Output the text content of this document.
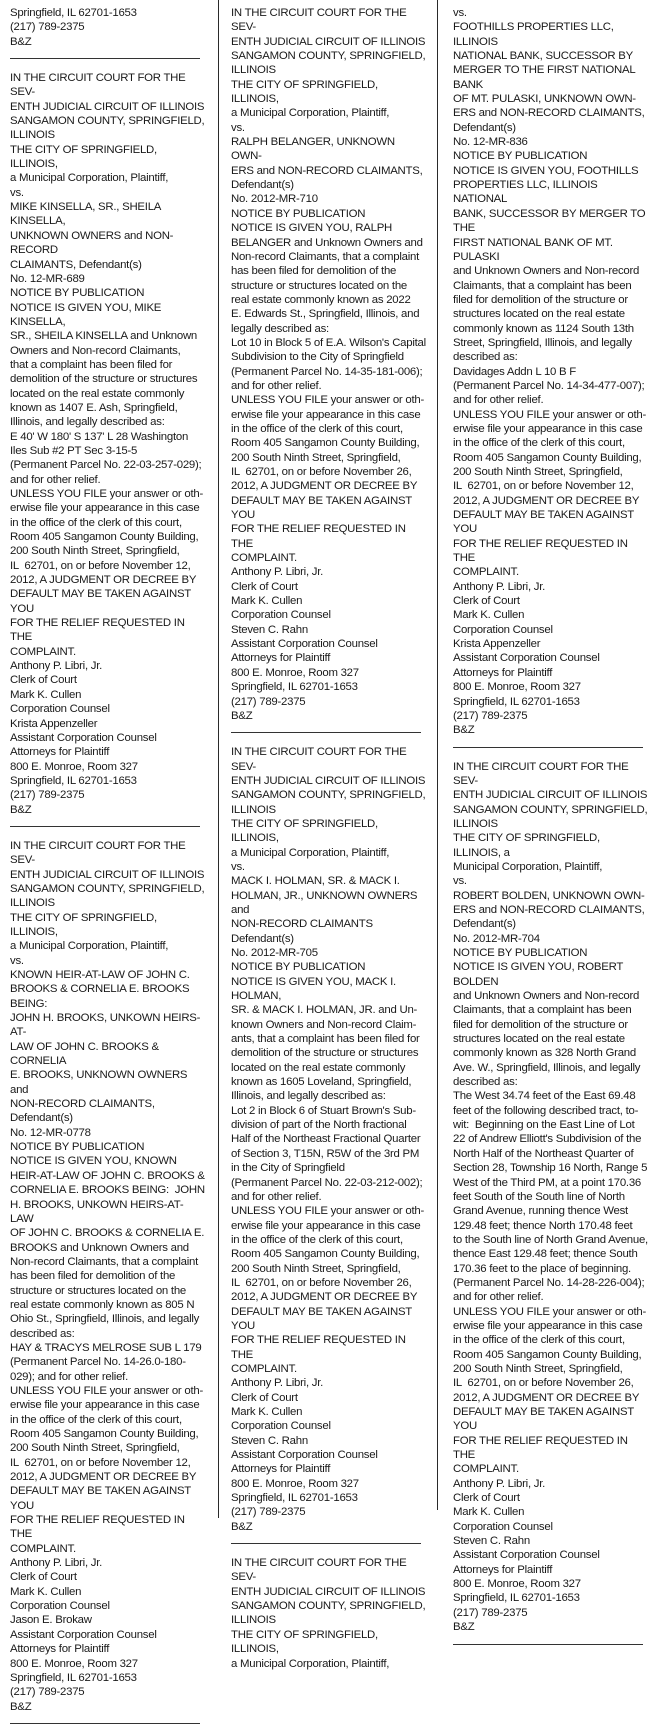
Springfield, IL 62701-1653
(217) 789-2375
B&Z
IN THE CIRCUIT COURT FOR THE SEV-
ENTH JUDICIAL CIRCUIT OF ILLINOIS
SANGAMON COUNTY, SPRINGFIELD,
ILLINOIS
THE CITY OF SPRINGFIELD, ILLINOIS,
a Municipal Corporation, Plaintiff,
vs.
MIKE KINSELLA, SR., SHEILA KINSELLA,
UNKNOWN OWNERS and NON-RECORD
CLAIMANTS, Defendant(s)
No. 12-MR-689
NOTICE BY PUBLICATION
NOTICE IS GIVEN YOU, MIKE KINSELLA,
SR., SHEILA KINSELLA and Unknown
Owners and Non-record Claimants,
that a complaint has been filed for
demolition of the structure or structures
located on the real estate commonly
known as 1407 E. Ash, Springfield,
Illinois, and legally described as:
E 40' W 180' S 137' L 28 Washington
Iles Sub #2 PT Sec 3-15-5
(Permanent Parcel No. 22-03-257-029);
and for other relief.
UNLESS YOU FILE your answer or oth-
erwise file your appearance in this case
in the office of the clerk of this court,
Room 405 Sangamon County Building,
200 South Ninth Street, Springfield,
IL  62701, on or before November 12,
2012, A JUDGMENT OR DECREE BY
DEFAULT MAY BE TAKEN AGAINST YOU
FOR THE RELIEF REQUESTED IN THE
COMPLAINT.
Anthony P. Libri, Jr.
Clerk of Court
Mark K. Cullen
Corporation Counsel
Krista Appenzeller
Assistant Corporation Counsel
Attorneys for Plaintiff
800 E. Monroe, Room 327
Springfield, IL 62701-1653
(217) 789-2375
B&Z
IN THE CIRCUIT COURT FOR THE SEV-
ENTH JUDICIAL CIRCUIT OF ILLINOIS
SANGAMON COUNTY, SPRINGFIELD,
ILLINOIS
THE CITY OF SPRINGFIELD, ILLINOIS,
a Municipal Corporation, Plaintiff,
vs.
KNOWN HEIR-AT-LAW OF JOHN C.
BROOKS & CORNELIA E. BROOKS BEING:
JOHN H. BROOKS, UNKOWN HEIRS-AT-
LAW OF JOHN C. BROOKS & CORNELIA
E. BROOKS, UNKNOWN OWNERS and
NON-RECORD CLAIMANTS, Defendant(s)
No. 12-MR-0778
NOTICE BY PUBLICATION
NOTICE IS GIVEN YOU, KNOWN
HEIR-AT-LAW OF JOHN C. BROOKS &
CORNELIA E. BROOKS BEING:  JOHN
H. BROOKS, UNKOWN HEIRS-AT-LAW
OF JOHN C. BROOKS & CORNELIA E.
BROOKS and Unknown Owners and
Non-record Claimants, that a complaint
has been filed for demolition of the
structure or structures located on the
real estate commonly known as 805 N
Ohio St., Springfield, Illinois, and legally
described as:
HAY & TRACYS MELROSE SUB L 179
(Permanent Parcel No. 14-26.0-180-
029); and for other relief.
UNLESS YOU FILE your answer or oth-
erwise file your appearance in this case
in the office of the clerk of this court,
Room 405 Sangamon County Building,
200 South Ninth Street, Springfield,
IL  62701, on or before November 12,
2012, A JUDGMENT OR DECREE BY
DEFAULT MAY BE TAKEN AGAINST YOU
FOR THE RELIEF REQUESTED IN THE
COMPLAINT.
Anthony P. Libri, Jr.
Clerk of Court
Mark K. Cullen
Corporation Counsel
Jason E. Brokaw
Assistant Corporation Counsel
Attorneys for Plaintiff
800 E. Monroe, Room 327
Springfield, IL 62701-1653
(217) 789-2375
B&Z
IN THE CIRCUIT COURT FOR THE SEV-
ENTH JUDICIAL CIRCUIT OF ILLINOIS
SANGAMON COUNTY, SPRINGFIELD,
ILLINOIS
THE CITY OF SPRINGFIELD, ILLINOIS,
a Municipal Corporation, Plaintiff,
vs.
RALPH BELANGER, UNKNOWN OWN-
ERS and NON-RECORD CLAIMANTS,
Defendant(s)
No. 2012-MR-710
NOTICE BY PUBLICATION
NOTICE IS GIVEN YOU, RALPH
BELANGER and Unknown Owners and
Non-record Claimants, that a complaint
has been filed for demolition of the
structure or structures located on the
real estate commonly known as 2022
E. Edwards St., Springfield, Illinois, and
legally described as:
Lot 10 in Block 5 of E.A. Wilson's Capital
Subdivision to the City of Springfield
(Permanent Parcel No. 14-35-181-006);
and for other relief.
UNLESS YOU FILE your answer or oth-
erwise file your appearance in this case
in the office of the clerk of this court,
Room 405 Sangamon County Building,
200 South Ninth Street, Springfield,
IL  62701, on or before November 26,
2012, A JUDGMENT OR DECREE BY
DEFAULT MAY BE TAKEN AGAINST YOU
FOR THE RELIEF REQUESTED IN THE
COMPLAINT.
Anthony P. Libri, Jr.
Clerk of Court
Mark K. Cullen
Corporation Counsel
Steven C. Rahn
Assistant Corporation Counsel
Attorneys for Plaintiff
800 E. Monroe, Room 327
Springfield, IL 62701-1653
(217) 789-2375
B&Z
IN THE CIRCUIT COURT FOR THE SEV-
ENTH JUDICIAL CIRCUIT OF ILLINOIS
SANGAMON COUNTY, SPRINGFIELD,
ILLINOIS
THE CITY OF SPRINGFIELD, ILLINOIS,
a Municipal Corporation, Plaintiff,
vs.
MACK I. HOLMAN, SR. & MACK I.
HOLMAN, JR., UNKNOWN OWNERS and
NON-RECORD CLAIMANTS
Defendant(s)
No. 2012-MR-705
NOTICE BY PUBLICATION
NOTICE IS GIVEN YOU, MACK I. HOLMAN,
SR. & MACK I. HOLMAN, JR. and Un-
known Owners and Non-record Claim-
ants, that a complaint has been filed for
demolition of the structure or structures
located on the real estate commonly
known as 1605 Loveland, Springfield,
Illinois, and legally described as:
Lot 2 in Block 6 of Stuart Brown's Sub-
division of part of the North fractional
Half of the Northeast Fractional Quarter
of Section 3, T15N, R5W of the 3rd PM
in the City of Springfield
(Permanent Parcel No. 22-03-212-002);
and for other relief.
UNLESS YOU FILE your answer or oth-
erwise file your appearance in this case
in the office of the clerk of this court,
Room 405 Sangamon County Building,
200 South Ninth Street, Springfield,
IL  62701, on or before November 26,
2012, A JUDGMENT OR DECREE BY
DEFAULT MAY BE TAKEN AGAINST YOU
FOR THE RELIEF REQUESTED IN THE
COMPLAINT.
Anthony P. Libri, Jr.
Clerk of Court
Mark K. Cullen
Corporation Counsel
Steven C. Rahn
Assistant Corporation Counsel
Attorneys for Plaintiff
800 E. Monroe, Room 327
Springfield, IL 62701-1653
(217) 789-2375
B&Z
IN THE CIRCUIT COURT FOR THE SEV-
ENTH JUDICIAL CIRCUIT OF ILLINOIS
SANGAMON COUNTY, SPRINGFIELD,
ILLINOIS
THE CITY OF SPRINGFIELD, ILLINOIS,
a Municipal Corporation, Plaintiff,
vs.
FOOTHILLS PROPERTIES LLC, ILLINOIS
NATIONAL BANK, SUCCESSOR BY
MERGER TO THE FIRST NATIONAL BANK
OF MT. PULASKI, UNKNOWN OWN-
ERS and NON-RECORD CLAIMANTS,
Defendant(s)
No. 12-MR-836
NOTICE BY PUBLICATION
NOTICE IS GIVEN YOU, FOOTHILLS
PROPERTIES LLC, ILLINOIS NATIONAL
BANK, SUCCESSOR BY MERGER TO THE
FIRST NATIONAL BANK OF MT. PULASKI
and Unknown Owners and Non-record
Claimants, that a complaint has been
filed for demolition of the structure or
structures located on the real estate
commonly known as 1124 South 13th
Street, Springfield, Illinois, and legally
described as:
Davidages Addn L 10 B F
(Permanent Parcel No. 14-34-477-007);
and for other relief.
UNLESS YOU FILE your answer or oth-
erwise file your appearance in this case
in the office of the clerk of this court,
Room 405 Sangamon County Building,
200 South Ninth Street, Springfield,
IL  62701, on or before November 12,
2012, A JUDGMENT OR DECREE BY
DEFAULT MAY BE TAKEN AGAINST YOU
FOR THE RELIEF REQUESTED IN THE
COMPLAINT.
Anthony P. Libri, Jr.
Clerk of Court
Mark K. Cullen
Corporation Counsel
Krista Appenzeller
Assistant Corporation Counsel
Attorneys for Plaintiff
800 E. Monroe, Room 327
Springfield, IL 62701-1653
(217) 789-2375
B&Z
IN THE CIRCUIT COURT FOR THE SEV-
ENTH JUDICIAL CIRCUIT OF ILLINOIS
SANGAMON COUNTY, SPRINGFIELD,
ILLINOIS
THE CITY OF SPRINGFIELD, ILLINOIS, a
Municipal Corporation, Plaintiff,
vs.
ROBERT BOLDEN, UNKNOWN OWN-
ERS and NON-RECORD CLAIMANTS,
Defendant(s)
No. 2012-MR-704
NOTICE BY PUBLICATION
NOTICE IS GIVEN YOU, ROBERT BOLDEN
and Unknown Owners and Non-record
Claimants, that a complaint has been
filed for demolition of the structure or
structures located on the real estate
commonly known as 328 North Grand
Ave. W., Springfield, Illinois, and legally
described as:
The West 34.74 feet of the East 69.48
feet of the following described tract, to-
wit:  Beginning on the East Line of Lot
22 of Andrew Elliott's Subdivision of the
North Half of the Northeast Quarter of
Section 28, Township 16 North, Range 5
West of the Third PM, at a point 170.36
feet South of the South line of North
Grand Avenue, running thence West
129.48 feet; thence North 170.48 feet
to the South line of North Grand Avenue,
thence East 129.48 feet; thence South
170.36 feet to the place of beginning.
(Permanent Parcel No. 14-28-226-004);
and for other relief.
UNLESS YOU FILE your answer or oth-
erwise file your appearance in this case
in the office of the clerk of this court,
Room 405 Sangamon County Building,
200 South Ninth Street, Springfield,
IL  62701, on or before November 26,
2012, A JUDGMENT OR DECREE BY
DEFAULT MAY BE TAKEN AGAINST YOU
FOR THE RELIEF REQUESTED IN THE
COMPLAINT.
Anthony P. Libri, Jr.
Clerk of Court
Mark K. Cullen
Corporation Counsel
Steven C. Rahn
Assistant Corporation Counsel
Attorneys for Plaintiff
800 E. Monroe, Room 327
Springfield, IL 62701-1653
(217) 789-2375
B&Z
